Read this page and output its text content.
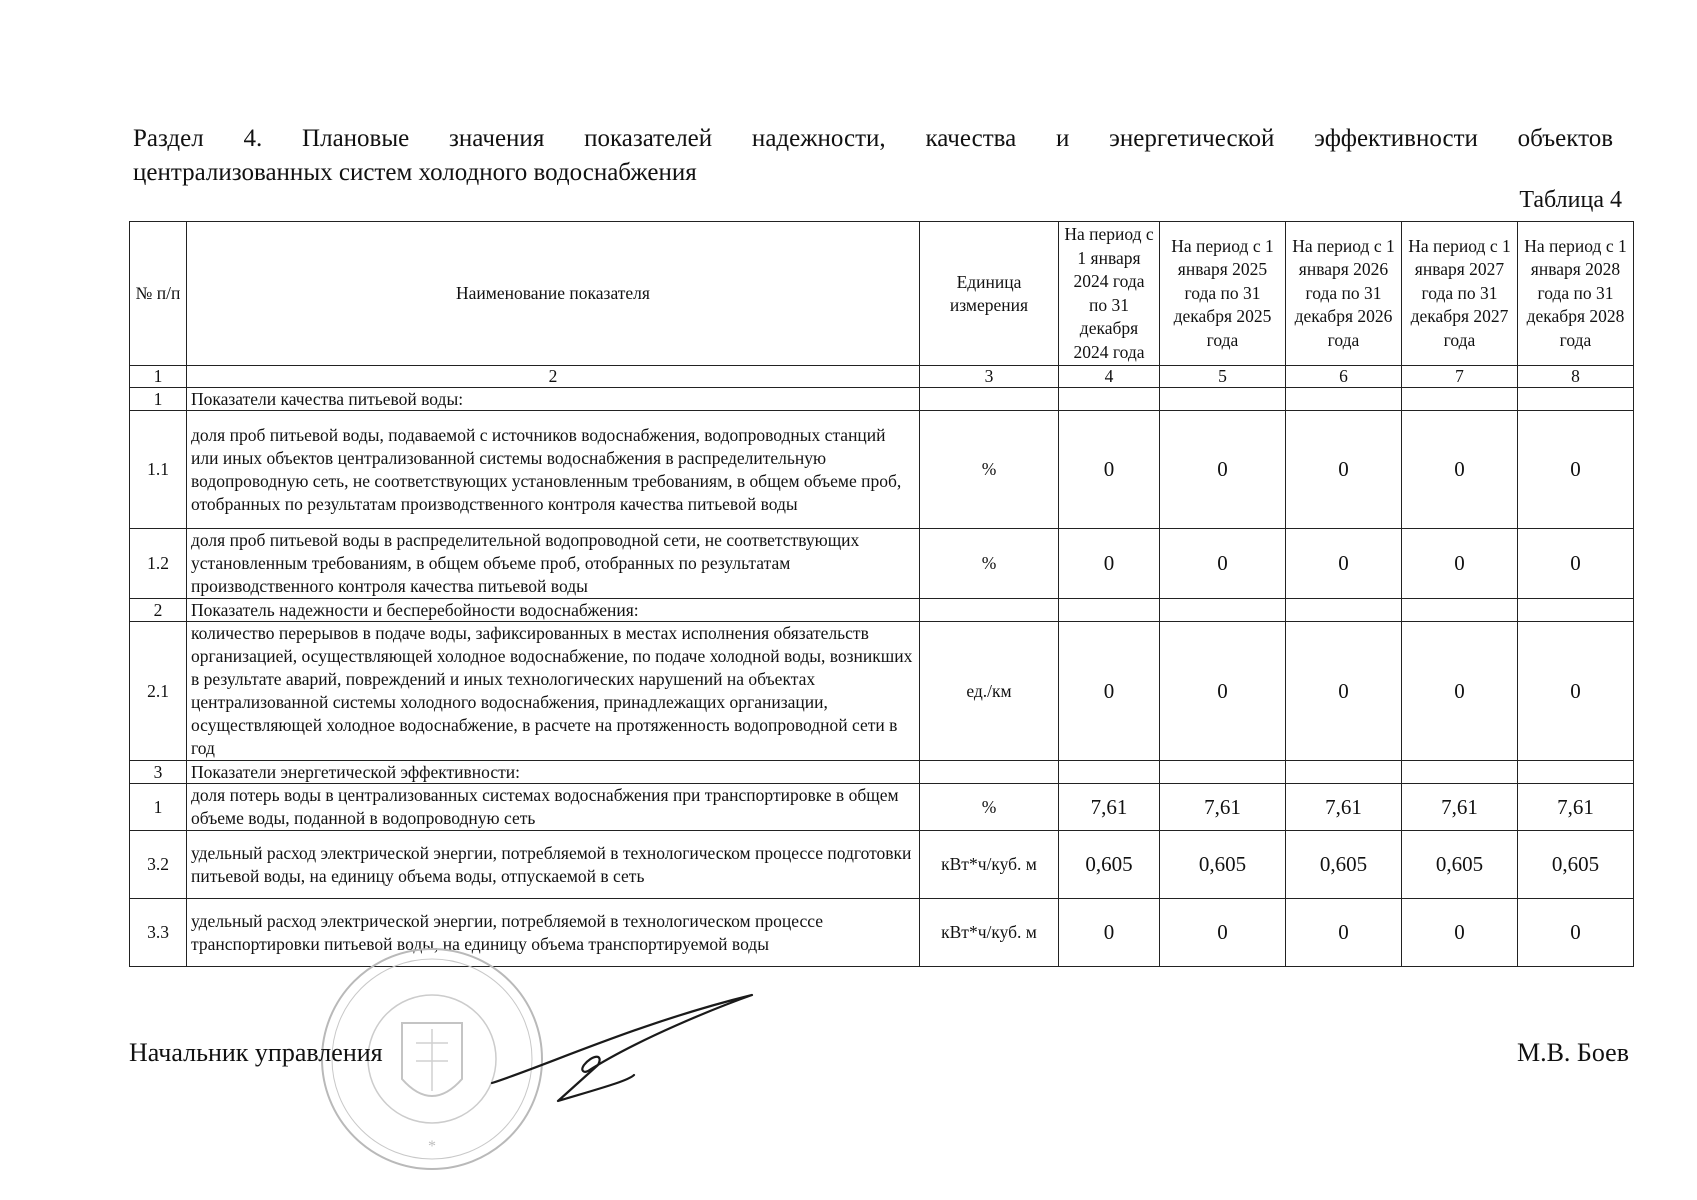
Раздел 4. Плановые значения показателей надежности, качества и энергетической эффективности объектов
централизованных систем холодного водоснабжения
Таблица 4
№ п/п	Наименование показателя	Единица измерения	На период с 1 января 2024 года по 31 декабря 2024 года	На период с 1 января 2025 года по 31 декабря 2025 года	На период с 1 января 2026 года по 31 декабря 2026 года	На период с 1 января 2027 года по 31 декабря 2027 года	На период с 1 января 2028 года по 31 декабря 2028 года
1	2	3	4	5	6	7	8
1	Показатели качества питьевой воды:						
1.1	доля проб питьевой воды, подаваемой с источников водоснабжения, водопроводных станций или иных объектов централизованной системы водоснабжения в распределительную водопроводную сеть, не соответствующих установленным требованиям, в общем объеме проб, отобранных по результатам производственного контроля качества питьевой воды	%	0	0	0	0	0
1.2	доля проб питьевой воды в распределительной водопроводной сети, не соответствующих установленным требованиям, в общем объеме проб, отобранных по результатам производственного контроля качества питьевой воды	%	0	0	0	0	0
2	Показатель надежности и бесперебойности водоснабжения:						
2.1	количество перерывов в подаче воды, зафиксированных в местах исполнения обязательств организацией, осуществляющей холодное водоснабжение, по подаче холодной воды, возникших в результате аварий, повреждений и иных технологических нарушений на объектах централизованной системы холодного водоснабжения, принадлежащих организации, осуществляющей холодное водоснабжение, в расчете на протяженность водопроводной сети в год	ед./км	0	0	0	0	0
3	Показатели энергетической эффективности:						
1	доля потерь воды в централизованных системах водоснабжения при транспортировке в общем объеме воды, поданной в водопроводную сеть	%	7,61	7,61	7,61	7,61	7,61
3.2	удельный расход электрической энергии, потребляемой в технологическом процессе подготовки питьевой воды, на единицу объема воды, отпускаемой в сеть	кВт*ч/куб. м	0,605	0,605	0,605	0,605	0,605
3.3	удельный расход электрической энергии, потребляемой в технологическом процессе транспортировки питьевой воды, на единицу объема транспортируемой воды	кВт*ч/куб. м	0	0	0	0	0
*
Начальник управления	М.В. Боев
